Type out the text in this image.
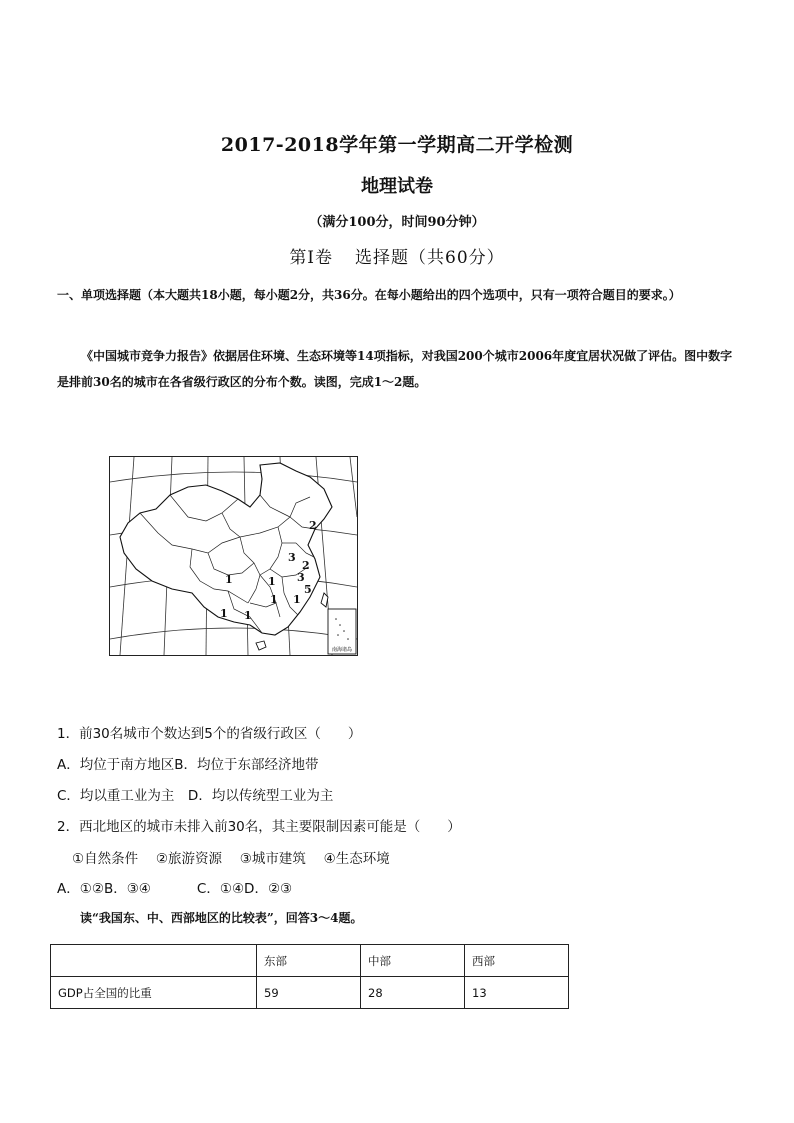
2017-2018学年第一学期高二开学检测
地理试卷
（满分100分，时间90分钟）
第Ⅰ卷 选择题（共60分）
一、单项选择题（本大题共18小题，每小题2分，共36分。在每小题给出的四个选项中，只有一项符合题目的要求。）
《中国城市竞争力报告》依据居住环境、生态环境等14项指标，对我国200个城市2006年度宜居状况做了评估。图中数字是排前30名的城市在各省级行政区的分布个数。读图，完成1～2题。
南海诸岛
2
3
2
1	1 3
5
1 1
1 1
1．前30名城市个数达到5个的省级行政区（　　）
A．均位于南方地区B．均位于东部经济地带
C．均以重工业为主　D．均以传统型工业为主
2．西北地区的城市未排入前30名，其主要限制因素可能是（　　）
①自然条件　 ②旅游资源　 ③城市建筑　 ④生态环境
A．①②B．③④	C．①④D．②③
读“我国东、中、西部地区的比较表”，回答3～4题。
	东部	中部	西部
GDP占全国的比重	59	28	13
